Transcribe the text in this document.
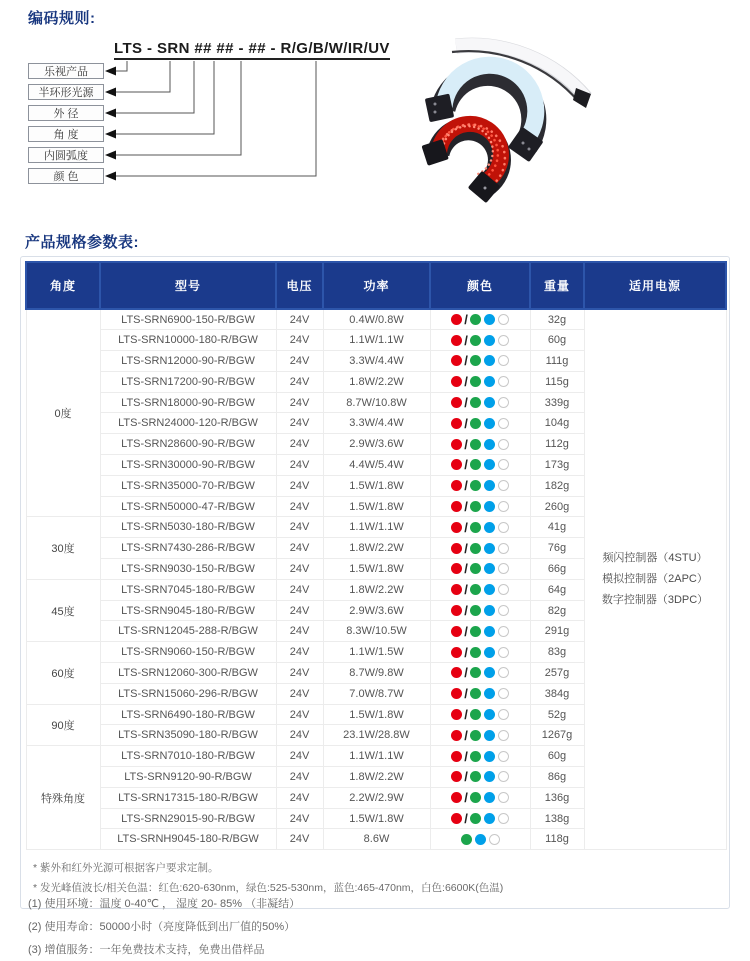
编码规则:
LTS - SRN ## ## - ## - R/G/B/W/IR/UV
乐视产品
半环形光源
外 径
角 度
内圆弧度
颜 色
产品规格参数表:
角度	型号	电压	功率	颜色	重量	适用电源
0度	LTS-SRN6900-150-R/BGW	24V	0.4W/0.8W	/	32g	频闪控制器（4STU）
模拟控制器（2APC）
数字控制器（3DPC）

	LTS-SRN10000-180-R/BGW	24V	1.1W/1.1W	/	60g	
	LTS-SRN12000-90-R/BGW	24V	3.3W/4.4W	/	111g	
	LTS-SRN17200-90-R/BGW	24V	1.8W/2.2W	/	115g	
	LTS-SRN18000-90-R/BGW	24V	8.7W/10.8W	/	339g	
	LTS-SRN24000-120-R/BGW	24V	3.3W/4.4W	/	104g	
	LTS-SRN28600-90-R/BGW	24V	2.9W/3.6W	/	112g	
	LTS-SRN30000-90-R/BGW	24V	4.4W/5.4W	/	173g	
	LTS-SRN35000-70-R/BGW	24V	1.5W/1.8W	/	182g	
	LTS-SRN50000-47-R/BGW	24V	1.5W/1.8W	/	260g	
30度	LTS-SRN5030-180-R/BGW	24V	1.1W/1.1W	/	41g	
	LTS-SRN7430-286-R/BGW	24V	1.8W/2.2W	/	76g	
	LTS-SRN9030-150-R/BGW	24V	1.5W/1.8W	/	66g	
45度	LTS-SRN7045-180-R/BGW	24V	1.8W/2.2W	/	64g	
	LTS-SRN9045-180-R/BGW	24V	2.9W/3.6W	/	82g	
	LTS-SRN12045-288-R/BGW	24V	8.3W/10.5W	/	291g	
60度	LTS-SRN9060-150-R/BGW	24V	1.1W/1.5W	/	83g	
	LTS-SRN12060-300-R/BGW	24V	8.7W/9.8W	/	257g	
	LTS-SRN15060-296-R/BGW	24V	7.0W/8.7W	/	384g	
90度	LTS-SRN6490-180-R/BGW	24V	1.5W/1.8W	/	52g	
	LTS-SRN35090-180-R/BGW	24V	23.1W/28.8W	/	1267g	
特殊角度	LTS-SRN7010-180-R/BGW	24V	1.1W/1.1W	/	60g	
	LTS-SRN9120-90-R/BGW	24V	1.8W/2.2W	/	86g	
	LTS-SRN17315-180-R/BGW	24V	2.2W/2.9W	/	136g	
	LTS-SRN29015-90-R/BGW	24V	1.5W/1.8W	/	138g	
	LTS-SRNH9045-180-R/BGW	24V	8.6W		118g	
* 紫外和红外光源可根据客户要求定制。
* 发光峰值波长/相关色温：红色:620-630nm，绿色:525-530nm，蓝色:465-470nm，白色:6600K(色温)
(1) 使用环境：温度 0-40℃ ， 湿度 20- 85% （非凝结）
(2) 使用寿命：50000小时（亮度降低到出厂值的50%）
(3) 增值服务：一年免费技术支持，免费出借样品
